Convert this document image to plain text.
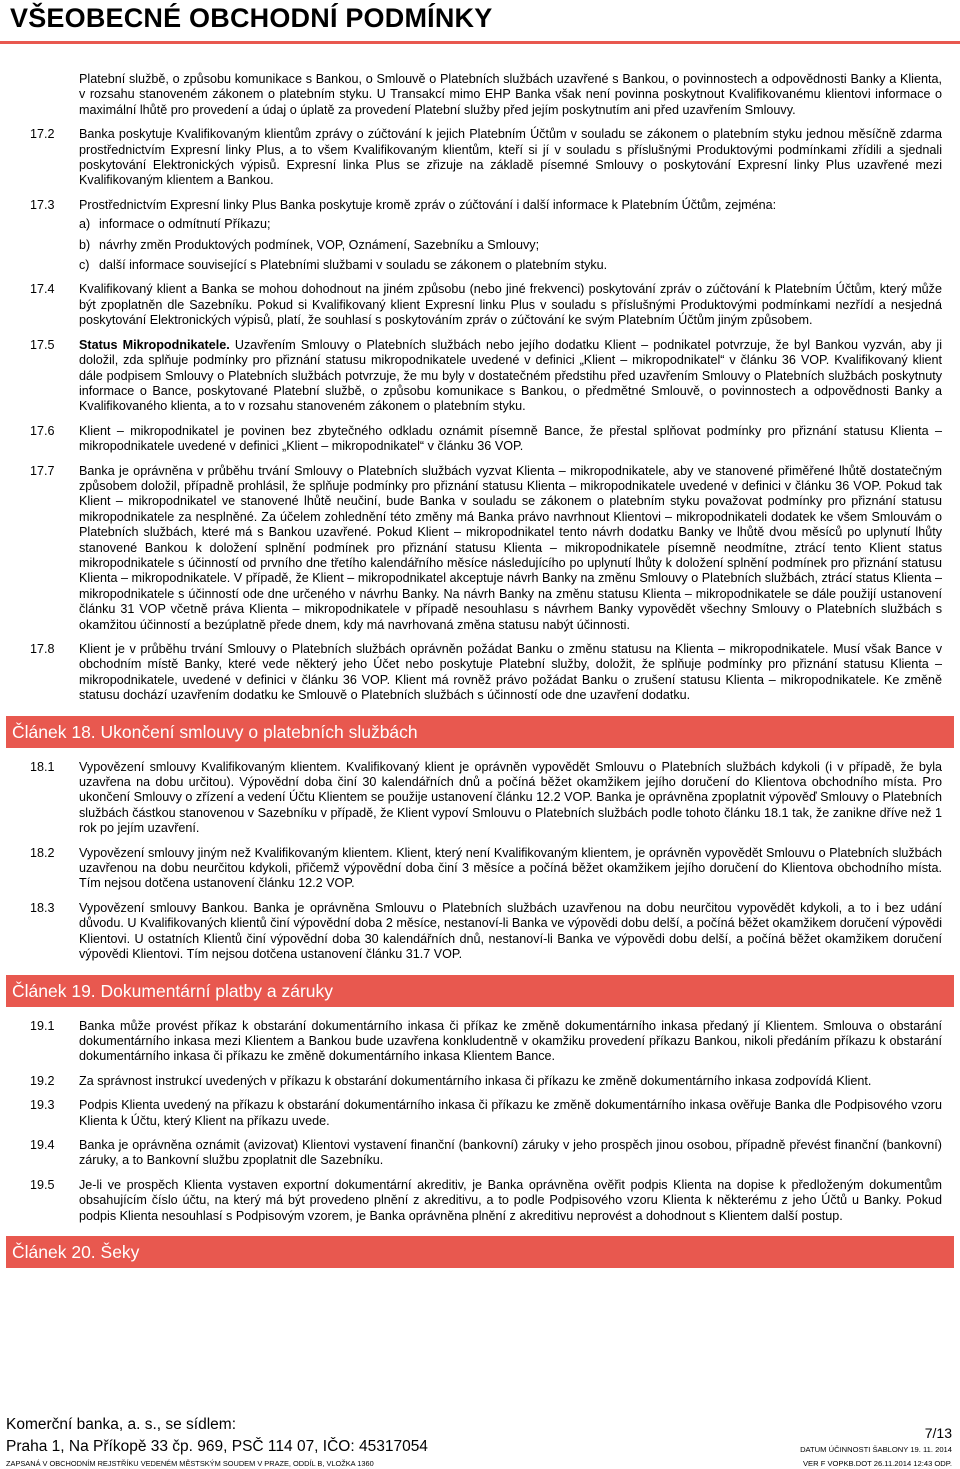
VŠEOBECNÉ OBCHODNÍ PODMÍNKY
Platební službě, o způsobu komunikace s Bankou, o Smlouvě o Platebních službách uzavřené s Bankou, o povinnostech a odpovědnosti Banky a Klienta, v rozsahu stanoveném zákonem o platebním styku. U Transakcí mimo EHP Banka však není povinna poskytnout Kvalifikovanému klientovi informace o maximální lhůtě pro provedení a údaj o úplatě za provedení Platební služby před jejím poskytnutím ani před uzavřením Smlouvy.
17.2 Banka poskytuje Kvalifikovaným klientům zprávy o zúčtování k jejich Platebním Účtům v souladu se zákonem o platebním styku jednou měsíčně zdarma prostřednictvím Expresní linky Plus, a to všem Kvalifikovaným klientům, kteří si jí v souladu s příslušnými Produktovými podmínkami zřídili a sjednali poskytování Elektronických výpisů. Expresní linka Plus se zřizuje na základě písemné Smlouvy o poskytování Expresní linky Plus uzavřené mezi Kvalifikovaným klientem a Bankou.
17.3 Prostřednictvím Expresní linky Plus Banka poskytuje kromě zpráv o zúčtování i další informace k Platebním Účtům, zejména:
a) informace o odmítnutí Příkazu;
b) návrhy změn Produktových podmínek, VOP, Oznámení, Sazebníku a Smlouvy;
c) další informace související s Platebními službami v souladu se zákonem o platebním styku.
17.4 Kvalifikovaný klient a Banka se mohou dohodnout na jiném způsobu (nebo jiné frekvenci) poskytování zpráv o zúčtování k Platebním Účtům, který může být zpoplatněn dle Sazebníku. Pokud si Kvalifikovaný klient Expresní linku Plus v souladu s příslušnými Produktovými podmínkami nezřídí a nesjedná poskytování Elektronických výpisů, platí, že souhlasí s poskytováním zpráv o zúčtování ke svým Platebním Účtům jiným způsobem.
17.5 Status Mikropodnikatele. Uzavřením Smlouvy o Platebních službách nebo jejího dodatku Klient – podnikatel potvrzuje, že byl Bankou vyzván, aby ji doložil, zda splňuje podmínky pro přiznání statusu mikropodnikatele uvedené v definici „Klient – mikropodnikatel“ v článku 36 VOP. Kvalifikovaný klient dále podpisem Smlouvy o Platebních službách potvrzuje, že mu byly v dostatečném předstihu před uzavřením Smlouvy o Platebních službách poskytnuty informace o Bance, poskytované Platební službě, o způsobu komunikace s Bankou, o předmětné Smlouvě, o povinnostech a odpovědnosti Banky a Kvalifikovaného klienta, a to v rozsahu stanoveném zákonem o platebním styku.
17.6 Klient – mikropodnikatel je povinen bez zbytečného odkladu oznámit písemně Bance, že přestal splňovat podmínky pro přiznání statusu Klienta – mikropodnikatele uvedené v definici „Klient – mikropodnikatel“ v článku 36 VOP.
17.7 Banka je oprávněna v průběhu trvání Smlouvy o Platebních službách vyzvat Klienta – mikropodnikatele, aby ve stanovené přiměřené lhůtě dostatečným způsobem doložil, případně prohlásil, že splňuje podmínky pro přiznání statusu Klienta – mikropodnikatele uvedené v definici v článku 36 VOP. Pokud tak Klient – mikropodnikatel ve stanovené lhůtě neučiní, bude Banka v souladu se zákonem o platebním styku považovat podmínky pro přiznání statusu mikropodnikatele za nesplněné. Za účelem zohlednění této změny má Banka právo navrhnout Klientovi – mikropodnikateli dodatek ke všem Smlouvám o Platebních službách, které má s Bankou uzavřené. Pokud Klient – mikropodnikatel tento návrh dodatku Banky ve lhůtě dvou měsíců po uplynutí lhůty stanovené Bankou k doložení splnění podmínek pro přiznání statusu Klienta – mikropodnikatele písemně neodmítne, ztrácí tento Klient status mikropodnikatele s účinností od prvního dne třetího kalendářního měsíce následujícího po uplynutí lhůty k doložení splnění podmínek pro přiznání statusu Klienta – mikropodnikatele. V případě, že Klient – mikropodnikatel akceptuje návrh Banky na změnu Smlouvy o Platebních službách, ztrácí status Klienta – mikropodnikatele s účinností ode dne určeného v návrhu Banky. Na návrh Banky na změnu statusu Klienta – mikropodnikatele se dále použijí ustanovení článku 31 VOP včetně práva Klienta – mikropodnikatele v případě nesouhlasu s návrhem Banky vypovědět všechny Smlouvy o Platebních službách s okamžitou účinností a bezúplatně přede dnem, kdy má navrhovaná změna statusu nabýt účinnosti.
17.8 Klient je v průběhu trvání Smlouvy o Platebních službách oprávněn požádat Banku o změnu statusu na Klienta – mikropodnikatele. Musí však Bance v obchodním místě Banky, které vede některý jeho Účet nebo poskytuje Platební služby, doložit, že splňuje podmínky pro přiznání statusu Klienta – mikropodnikatele, uvedené v definici v článku 36 VOP. Klient má rovněž právo požádat Banku o zrušení statusu Klienta – mikropodnikatele. Ke změně statusu dochází uzavřením dodatku ke Smlouvě o Platebních službách s účinností ode dne uzavření dodatku.
Článek 18. Ukončení smlouvy o platebních službách
18.1 Vypovězení smlouvy Kvalifikovaným klientem. Kvalifikovaný klient je oprávněn vypovědět Smlouvu o Platebních službách kdykoli (i v případě, že byla uzavřena na dobu určitou). Výpovědní doba činí 30 kalendářních dnů a počíná běžet okamžikem jejího doručení do Klientova obchodního místa. Pro ukončení Smlouvy o zřízení a vedení Účtu Klientem se použije ustanovení článku 12.2 VOP. Banka je oprávněna zpoplatnit výpověď Smlouvy o Platebních službách částkou stanovenou v Sazebníku v případě, že Klient vypoví Smlouvu o Platebních službách podle tohoto článku 18.1 tak, že zanikne dříve než 1 rok po jejím uzavření.
18.2 Vypovězení smlouvy jiným než Kvalifikovaným klientem. Klient, který není Kvalifikovaným klientem, je oprávněn vypovědět Smlouvu o Platebních službách uzavřenou na dobu neurčitou kdykoli, přičemž výpovědní doba činí 3 měsíce a počíná běžet okamžikem jejího doručení do Klientova obchodního místa. Tím nejsou dotčena ustanovení článku 12.2 VOP.
18.3 Vypovězení smlouvy Bankou. Banka je oprávněna Smlouvu o Platebních službách uzavřenou na dobu neurčitou vypovědět kdykoli, a to i bez udání důvodu. U Kvalifikovaných klientů činí výpovědní doba 2 měsíce, nestanoví-li Banka ve výpovědi dobu delší, a počíná běžet okamžikem doručení výpovědi Klientovi. U ostatních Klientů činí výpovědní doba 30 kalendářních dnů, nestanoví-li Banka ve výpovědi dobu delší, a počíná běžet okamžikem doručení výpovědi Klientovi. Tím nejsou dotčena ustanovení článku 31.7 VOP.
Článek 19. Dokumentární platby a záruky
19.1 Banka může provést příkaz k obstarání dokumentárního inkasa či příkaz ke změně dokumentárního inkasa předaný jí Klientem. Smlouva o obstarání dokumentárního inkasa mezi Klientem a Bankou bude uzavřena konkludentně v okamžiku provedení příkazu Bankou, nikoli předáním příkazu k obstarání dokumentárního inkasa či příkazu ke změně dokumentárního inkasa Klientem Bance.
19.2 Za správnost instrukcí uvedených v příkazu k obstarání dokumentárního inkasa či příkazu ke změně dokumentárního inkasa zodpovídá Klient.
19.3 Podpis Klienta uvedený na příkazu k obstarání dokumentárního inkasa či příkazu ke změně dokumentárního inkasa ověřuje Banka dle Podpisového vzoru Klienta k Účtu, který Klient na příkazu uvede.
19.4 Banka je oprávněna oznámit (avizovat) Klientovi vystavení finanční (bankovní) záruky v jeho prospěch jinou osobou, případně převést finanční (bankovní) záruky, a to Bankovní službu zpoplatnit dle Sazebníku.
19.5 Je-li ve prospěch Klienta vystaven exportní dokumentární akreditiv, je Banka oprávněna ověřit podpis Klienta na dopise k předloženým dokumentům obsahujícím číslo účtu, na který má být provedeno plnění z akreditivu, a to podle Podpisového vzoru Klienta k některému z jeho Účtů u Banky. Pokud podpis Klienta nesouhlasí s Podpisovým vzorem, je Banka oprávněna plnění z akreditivu neprovést a dohodnout s Klientem další postup.
Článek 20. Šeky
Komerční banka, a. s., se sídlem:
Praha 1, Na Příkopě 33 čp. 969, PSČ 114 07, IČO: 45317054
ZAPSANÁ V OBCHODNÍM REJSTŘÍKU VEDENÉM MĚSTSKÝM SOUDEM V PRAZE, ODDÍL B, VLOŽKA 1360
7/13
DATUM ÚČINNOSTI ŠABLONY 19. 11. 2014
VER F VOPKB.DOT 26.11.2014 12:43 ODP.
